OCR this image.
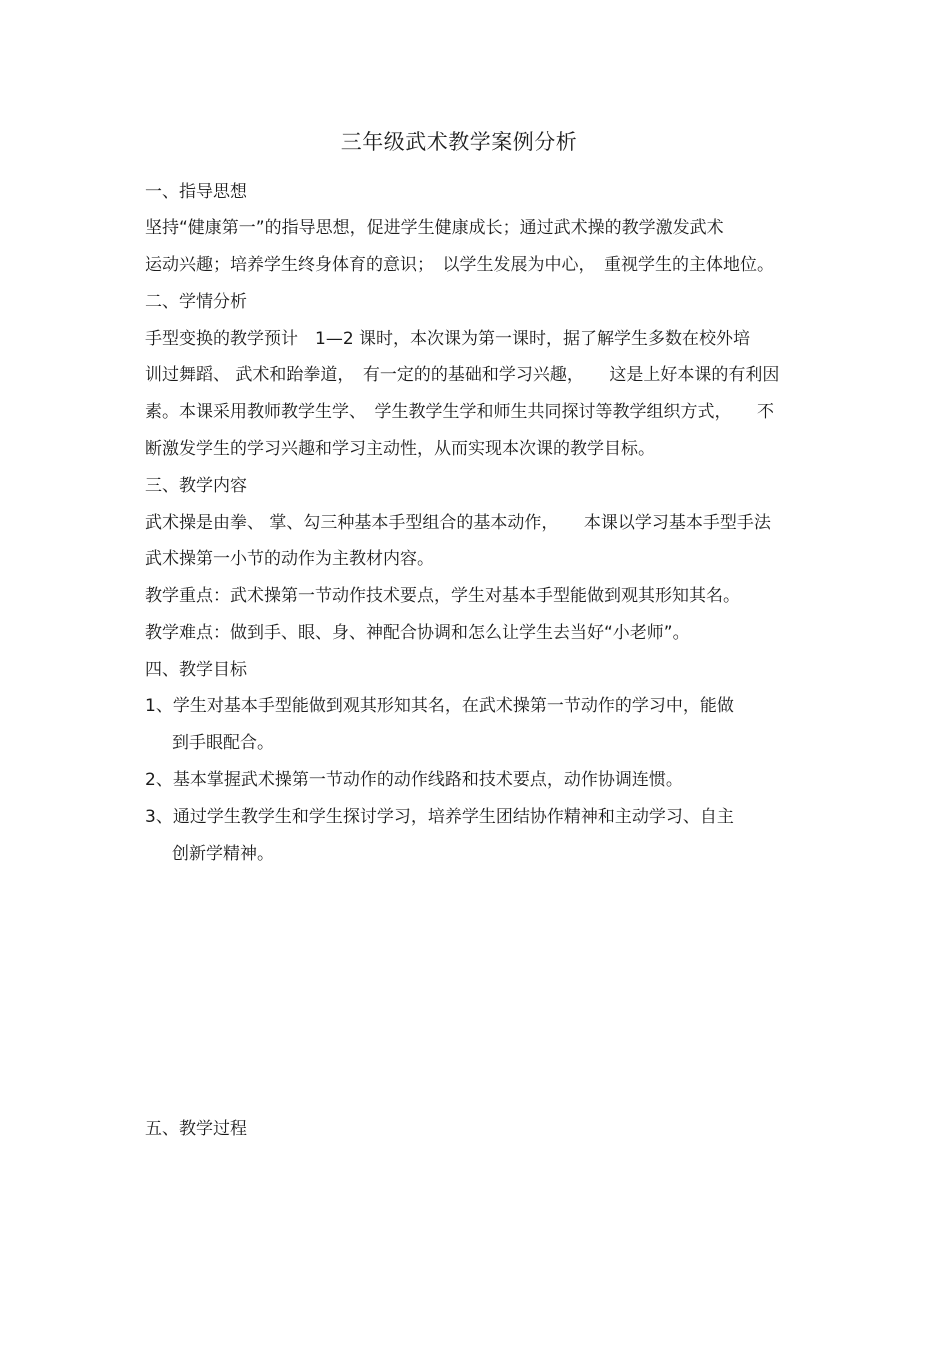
三年级武术教学案例分析
一、指导思想
坚持“健康第一”的指导思想，促进学生健康成长；通过武术操的教学激发武术
运动兴趣；培养学生终身体育的意识；　以学生发展为中心，　重视学生的主体地位。
二、学情分析
手型变换的教学预计　1—2 课时，本次课为第一课时，据了解学生多数在校外培
训过舞蹈、 武术和跆拳道，　有一定的的基础和学习兴趣，　　这是上好本课的有利因
素。本课采用教师教学生学、　学生教学生学和师生共同探讨等教学组织方式，　　不
断激发学生的学习兴趣和学习主动性，从而实现本次课的教学目标。
三、教学内容
武术操是由拳、 掌、勾三种基本手型组合的基本动作，　　本课以学习基本手型手法
武术操第一小节的动作为主教材内容。
教学重点：武术操第一节动作技术要点，学生对基本手型能做到观其形知其名。
教学难点：做到手、眼、身、神配合协调和怎么让学生去当好“小老师”。
四、教学目标
1、学生对基本手型能做到观其形知其名，在武术操第一节动作的学习中，能做
到手眼配合。
2、基本掌握武术操第一节动作的动作线路和技术要点，动作协调连惯。
3、通过学生教学生和学生探讨学习，培养学生团结协作精神和主动学习、自主
创新学精神。
五、教学过程
